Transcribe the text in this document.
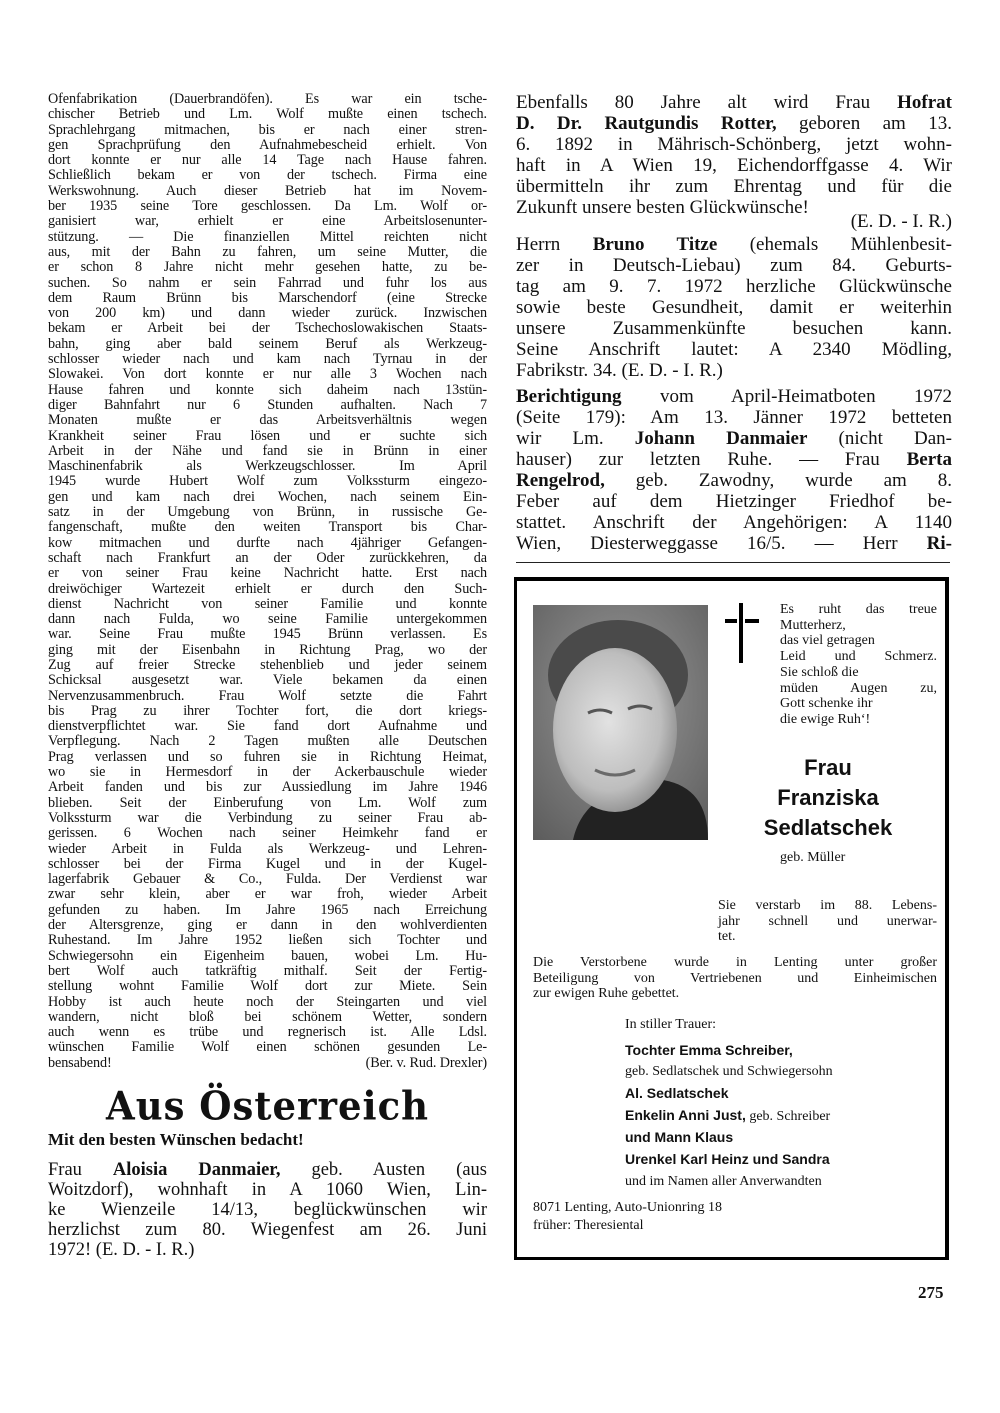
Ofenfabrikation (Dauerbrandöfen). Es war ein tsche-
chischer Betrieb und Lm. Wolf mußte einen tschech.
Sprachlehrgang mitmachen, bis er nach einer stren-
gen Sprachprüfung den Aufnahmebescheid erhielt. Von
dort konnte er nur alle 14 Tage nach Hause fahren.
Schließlich bekam er von der tschech. Firma eine
Werkswohnung. Auch dieser Betrieb hat im Novem-
ber 1935 seine Tore geschlossen. Da Lm. Wolf or-
ganisiert war, erhielt er eine Arbeitslosenunter-
stützung. — Die finanziellen Mittel reichten nicht
aus, mit der Bahn zu fahren, um seine Mutter, die
er schon 8 Jahre nicht mehr gesehen hatte, zu be-
suchen. So nahm er sein Fahrrad und fuhr los aus
dem Raum Brünn bis Marschendorf (eine Strecke
von 200 km) und dann wieder zurück. Inzwischen
bekam er Arbeit bei der Tschechoslowakischen Staats-
bahn, ging aber bald seinem Beruf als Werkzeug-
schlosser wieder nach und kam nach Tyrnau in der
Slowakei. Von dort konnte er nur alle 3 Wochen nach
Hause fahren und konnte sich daheim nach 13stün-
diger Bahnfahrt nur 6 Stunden aufhalten. Nach 7
Monaten mußte er das Arbeitsverhältnis wegen
Krankheit seiner Frau lösen und er suchte sich
Arbeit in der Nähe und fand sie in Brünn in einer
Maschinenfabrik als Werkzeugschlosser. Im April
1945 wurde Hubert Wolf zum Volkssturm eingezo-
gen und kam nach drei Wochen, nach seinem Ein-
satz in der Umgebung von Brünn, in russische Ge-
fangenschaft, mußte den weiten Transport bis Char-
kow mitmachen und durfte nach 4jähriger Gefangen-
schaft nach Frankfurt an der Oder zurückkehren, da
er von seiner Frau keine Nachricht hatte. Erst nach
dreiwöchiger Wartezeit erhielt er durch den Such-
dienst Nachricht von seiner Familie und konnte
dann nach Fulda, wo seine Familie untergekommen
war. Seine Frau mußte 1945 Brünn verlassen. Es
ging mit der Eisenbahn in Richtung Prag, wo der
Zug auf freier Strecke stehenblieb und jeder seinem
Schicksal ausgesetzt war. Viele bekamen da einen
Nervenzusammenbruch. Frau Wolf setzte die Fahrt
bis Prag zu ihrer Tochter fort, die dort kriegs-
dienstverpflichtet war. Sie fand dort Aufnahme und
Verpflegung. Nach 2 Tagen mußten alle Deutschen
Prag verlassen und so fuhren sie in Richtung Heimat,
wo sie in Hermesdorf in der Ackerbauschule wieder
Arbeit fanden und bis zur Aussiedlung im Jahre 1946
blieben. Seit der Einberufung von Lm. Wolf zum
Volkssturm war die Verbindung zu seiner Frau ab-
gerissen. 6 Wochen nach seiner Heimkehr fand er
wieder Arbeit in Fulda als Werkzeug- und Lehren-
schlosser bei der Firma Kugel und in der Kugel-
lagerfabrik Gebauer & Co., Fulda. Der Verdienst war
zwar sehr klein, aber er war froh, wieder Arbeit
gefunden zu haben. Im Jahre 1965 nach Erreichung
der Altersgrenze, ging er dann in den wohlverdienten
Ruhestand. Im Jahre 1952 ließen sich Tochter und
Schwiegersohn ein Eigenheim bauen, wobei Lm. Hu-
bert Wolf auch tatkräftig mithalf. Seit der Fertig-
stellung wohnt Familie Wolf dort zur Miete. Sein
Hobby ist auch heute noch der Steingarten und viel
wandern, nicht bloß bei schönem Wetter, sondern
auch wenn es trübe und regnerisch ist. Alle Ldsl.
wünschen Familie Wolf einen schönen gesunden Le-
bensabend!	(Ber. v. Rud. Drexler)
Aus Österreich
Mit den besten Wünschen bedacht!
Frau Aloisia Danmaier, geb. Austen (aus
Woitzdorf), wohnhaft in A 1060 Wien, Lin-
ke Wienzeile 14/13, beglückwünschen wir
herzlichst zum 80. Wiegenfest am 26. Juni
1972! (E. D. - I. R.)
Ebenfalls 80 Jahre alt wird Frau Hofrat
D. Dr. Rautgundis Rotter, geboren am 13.
6. 1892 in Mährisch-Schönberg, jetzt wohn-
haft in A Wien 19, Eichendorffgasse 4. Wir
übermitteln ihr zum Ehrentag und für die
Zukunft unsere besten Glückwünsche!
(E. D. - I. R.)
Herrn Bruno Titze (ehemals Mühlenbesit-
zer in Deutsch-Liebau) zum 84. Geburts-
tag am 9. 7. 1972 herzliche Glückwünsche
sowie beste Gesundheit, damit er weiterhin
unsere Zusammenkünfte besuchen kann.
Seine Anschrift lautet: A 2340 Mödling,
Fabrikstr. 34. (E. D. - I. R.)
Berichtigung vom April-Heimatboten 1972
(Seite 179): Am 13. Jänner 1972 betteten
wir Lm. Johann Danmaier (nicht Dan-
hauser) zur letzten Ruhe. — Frau Berta
Rengelrod, geb. Zawodny, wurde am 8.
Feber auf dem Hietzinger Friedhof be-
stattet. Anschrift der Angehörigen: A 1140
Wien, Diesterweggasse 16/5. — Herr Ri-
Es ruht das treue
Mutterherz,
das viel getragen
Leid und Schmerz.
Sie schloß die
müden Augen zu,
Gott schenke ihr
die ewige Ruh‘!
Frau
Franziska
Sedlatschek
geb. Müller
Sie verstarb im 88. Lebens-
jahr schnell und unerwar-
tet.
Die Verstorbene wurde in Lenting unter großer
Beteiligung von Vertriebenen und Einheimischen
zur ewigen Ruhe gebettet.
In stiller Trauer:
Tochter Emma Schreiber,
geb. Sedlatschek und Schwiegersohn
Al. Sedlatschek
Enkelin Anni Just, geb. Schreiber
und Mann Klaus
Urenkel Karl Heinz und Sandra
und im Namen aller Anverwandten
8071 Lenting, Auto-Unionring 18
früher: Theresiental
275
